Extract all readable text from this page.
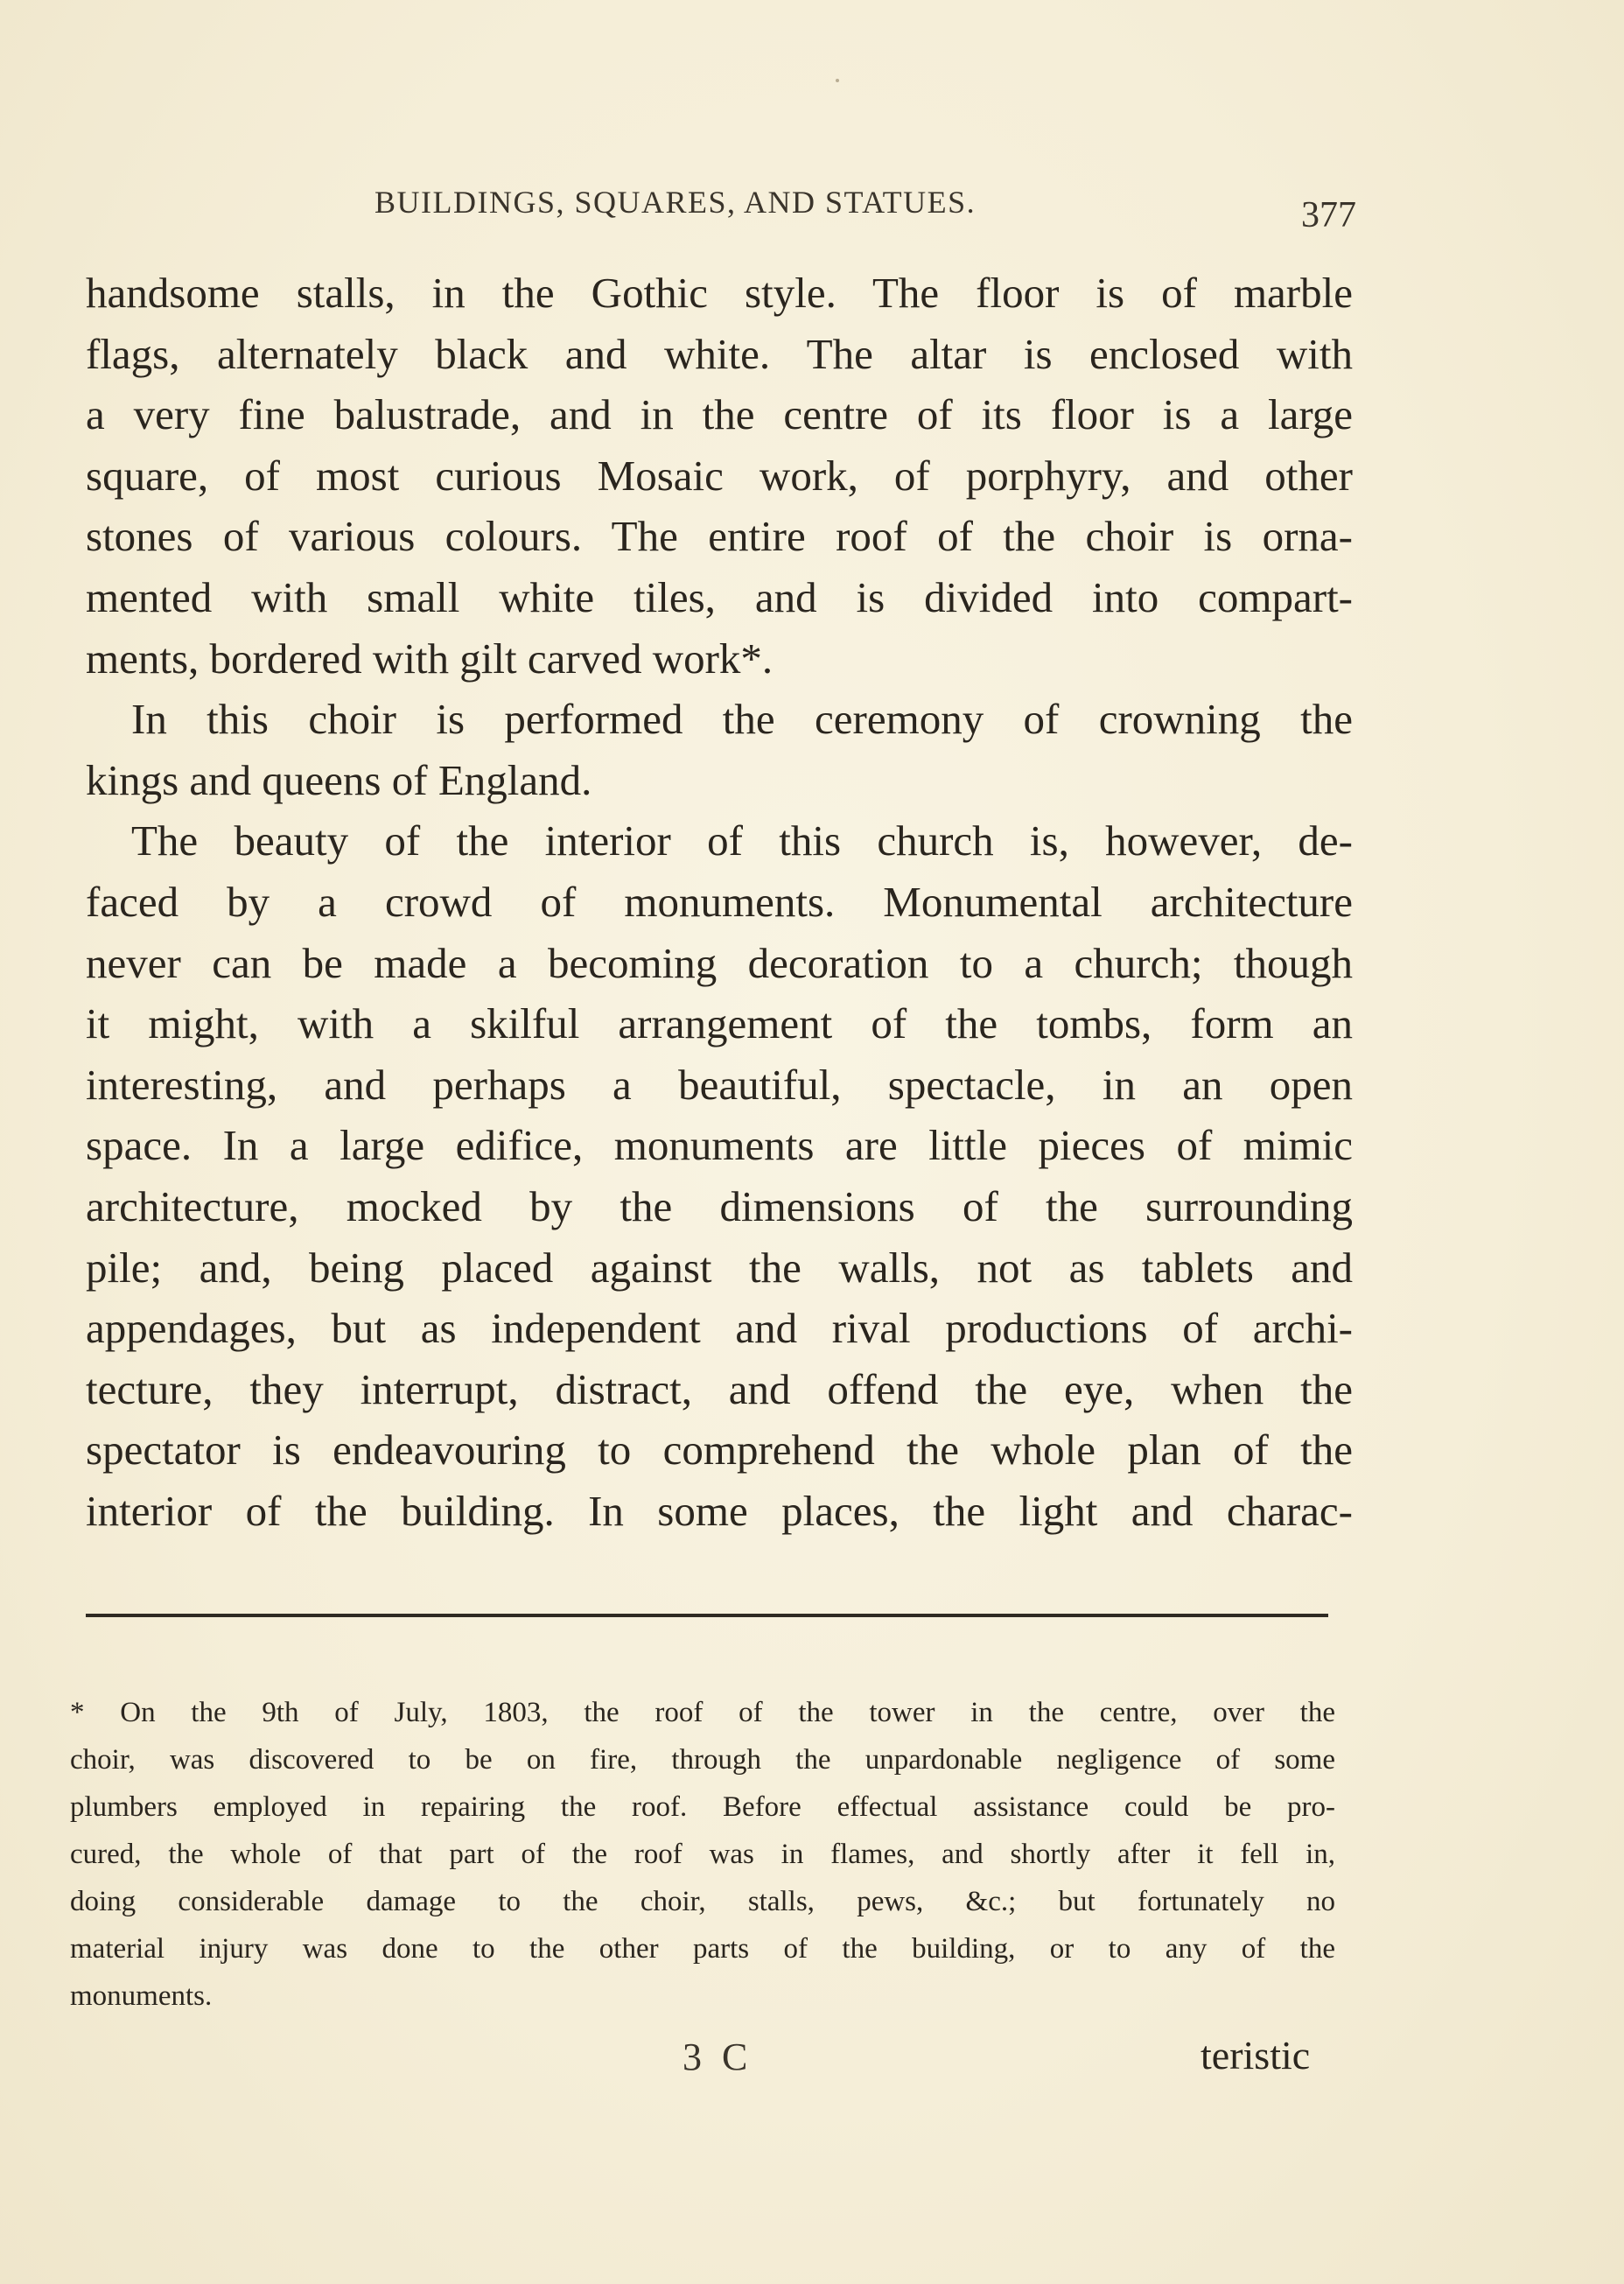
BUILDINGS, SQUARES, AND STATUES.	377
handsome stalls, in the Gothic style. The floor is of marble
flags, alternately black and white. The altar is enclosed with
a very fine balustrade, and in the centre of its floor is a large
square, of most curious Mosaic work, of porphyry, and other
stones of various colours. The entire roof of the choir is orna-
mented with small white tiles, and is divided into compart-
ments, bordered with gilt carved work*.
In this choir is performed the ceremony of crowning the
kings and queens of England.
The beauty of the interior of this church is, however, de-
faced by a crowd of monuments. Monumental architecture
never can be made a becoming decoration to a church; though
it might, with a skilful arrangement of the tombs, form an
interesting, and perhaps a beautiful, spectacle, in an open
space. In a large edifice, monuments are little pieces of mimic
architecture, mocked by the dimensions of the surrounding
pile; and, being placed against the walls, not as tablets and
appendages, but as independent and rival productions of archi-
tecture, they interrupt, distract, and offend the eye, when the
spectator is endeavouring to comprehend the whole plan of the
interior of the building. In some places, the light and charac-
* On the 9th of July, 1803, the roof of the tower in the centre, over the
choir, was discovered to be on fire, through the unpardonable negligence of some
plumbers employed in repairing the roof. Before effectual assistance could be pro-
cured, the whole of that part of the roof was in flames, and shortly after it fell in,
doing considerable damage to the choir, stalls, pews, &c.; but fortunately no
material injury was done to the other parts of the building, or to any of the
monuments.
3 C	teristic
